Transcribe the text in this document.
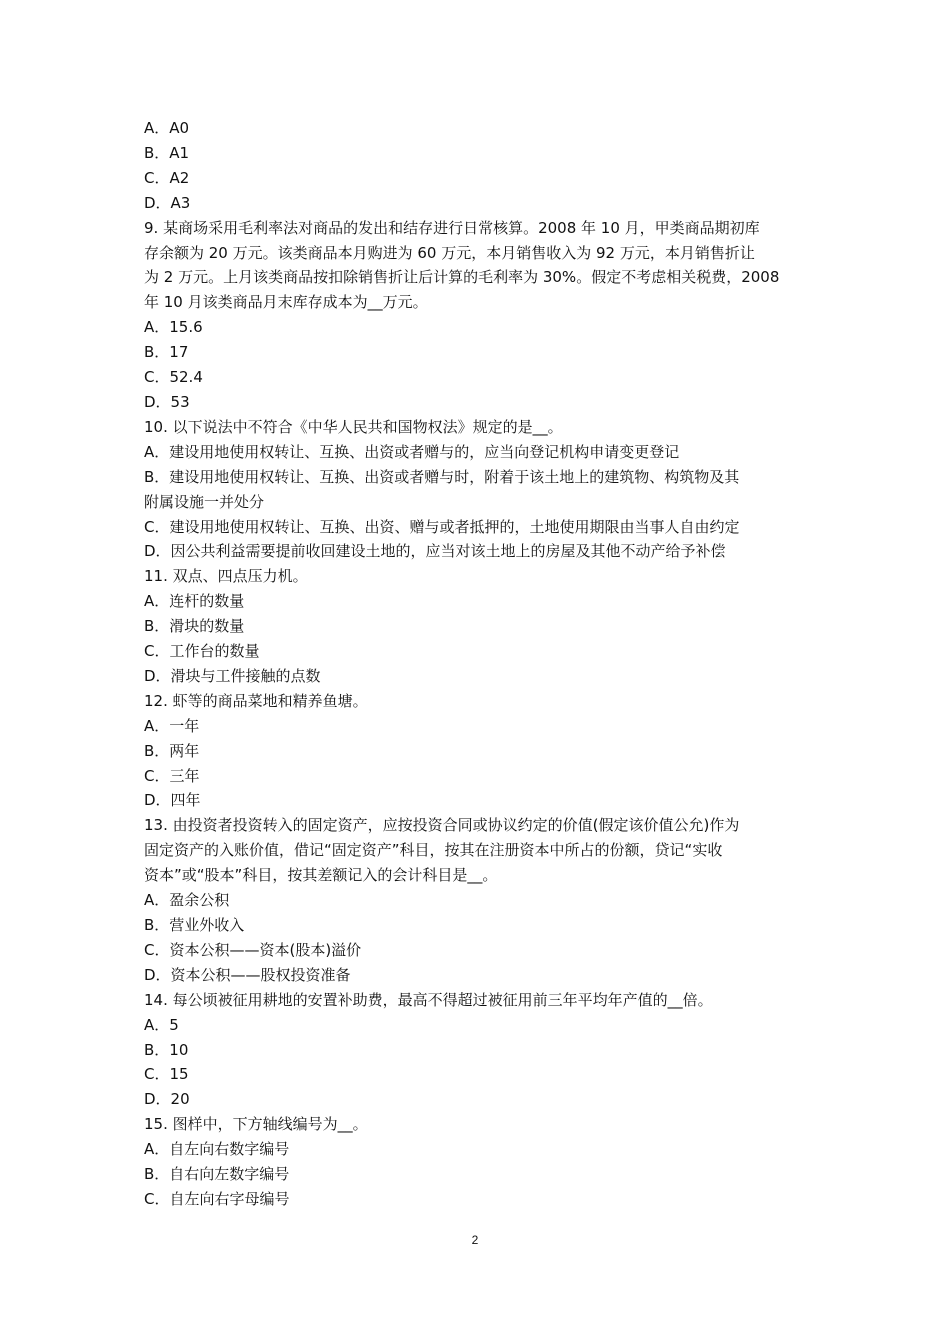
A．A0
B．A1
C．A2
D．A3
9. 某商场采用毛利率法对商品的发出和结存进行日常核算。2008 年 10 月，甲类商品期初库
存余额为 20 万元。该类商品本月购进为 60 万元，本月销售收入为 92 万元，本月销售折让
为 2 万元。上月该类商品按扣除销售折让后计算的毛利率为 30%。假定不考虑相关税费，2008
年 10 月该类商品月末库存成本为__万元。
A．15.6
B．17
C．52.4
D．53
10. 以下说法中不符合《中华人民共和国物权法》规定的是__。
A．建设用地使用权转让、互换、出资或者赠与的，应当向登记机构申请变更登记
B．建设用地使用权转让、互换、出资或者赠与时，附着于该土地上的建筑物、构筑物及其
附属设施一并处分
C．建设用地使用权转让、互换、出资、赠与或者抵押的，土地使用期限由当事人自由约定
D．因公共利益需要提前收回建设土地的，应当对该土地上的房屋及其他不动产给予补偿
11. 双点、四点压力机。
A．连杆的数量
B．滑块的数量
C．工作台的数量
D．滑块与工件接触的点数
12. 虾等的商品菜地和精养鱼塘。
A．一年
B．两年
C．三年
D．四年
13. 由投资者投资转入的固定资产，应按投资合同或协议约定的价值(假定该价值公允)作为
固定资产的入账价值，借记“固定资产”科目，按其在注册资本中所占的份额，贷记“实收
资本”或“股本”科目，按其差额记入的会计科目是__。
A．盈余公积
B．营业外收入
C．资本公积——资本(股本)溢价
D．资本公积——股权投资准备
14. 每公顷被征用耕地的安置补助费，最高不得超过被征用前三年平均年产值的__倍。
A．5
B．10
C．15
D．20
15. 图样中，下方轴线编号为__。
A．自左向右数字编号
B．自右向左数字编号
C．自左向右字母编号
2
